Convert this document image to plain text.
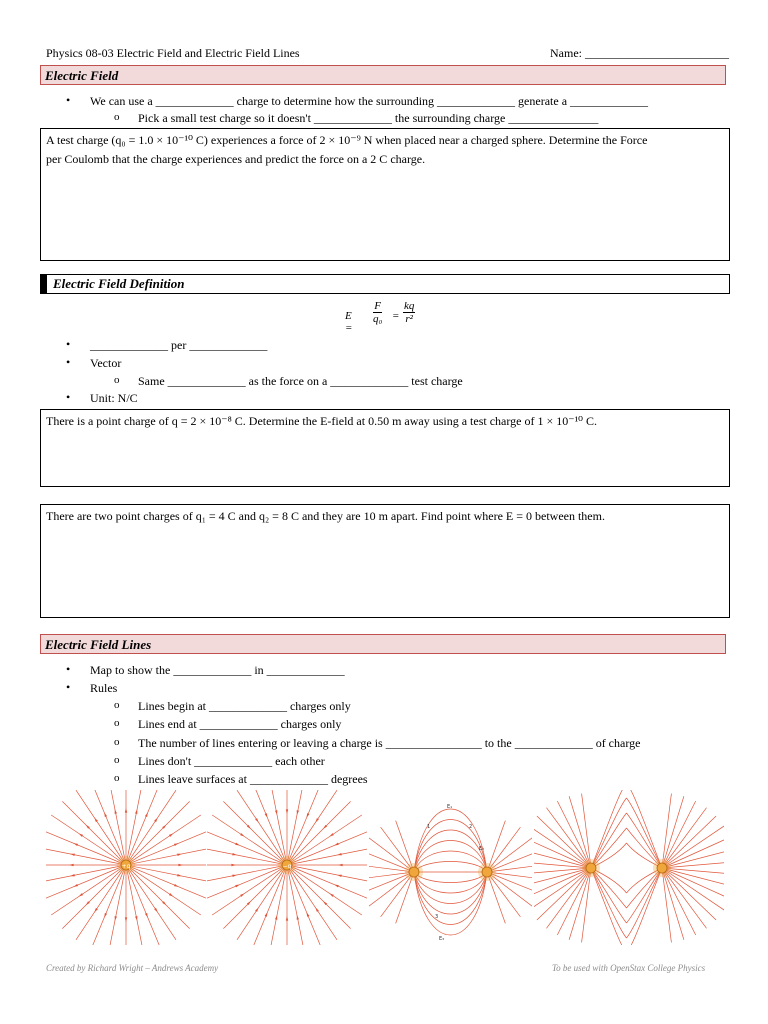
Physics 08-03 Electric Field and Electric Field Lines	Name: ________________________
Electric Field
• We can use a _____________ charge to determine how the surrounding _____________ generate a _____________
o Pick a small test charge so it doesn't _____________ the surrounding charge _______________
A test charge (q₀ = 1.0 × 10⁻¹⁰ C) experiences a force of 2 × 10⁻⁹ N when placed near a charged sphere. Determine the Force
per Coulomb that the charge experiences and predict the force on a 2 C charge.
Electric Field Definition
E =
$\frac{F}{\text{q₀}} = \frac{kq}{\text{r²}}$
• _____________ per _____________
• Vector
o Same _____________ as the force on a _____________ test charge
• Unit: N/C
There is a point charge of q = 2 × 10⁻⁸ C. Determine the E-field at 0.50 m away using a test charge of 1 × 10⁻¹⁰ C.
There are two point charges of q₁ = 4 C and q₂ = 8 C and they are 10 m apart. Find point where E = 0 between them.
Electric Field Lines
• Map to show the _____________ in _____________
• Rules
o Lines begin at _____________ charges only
o Lines end at _____________ charges only
o The number of lines entering or leaving a charge is ________________ to the _____________ of charge
o Lines don't _____________ each other
o Lines leave surfaces at _____________ degrees
+q	−q
E₁
E₂
E₃
1	2
3
Created by Richard Wright – Andrews Academy	To be used with OpenStax College Physics
